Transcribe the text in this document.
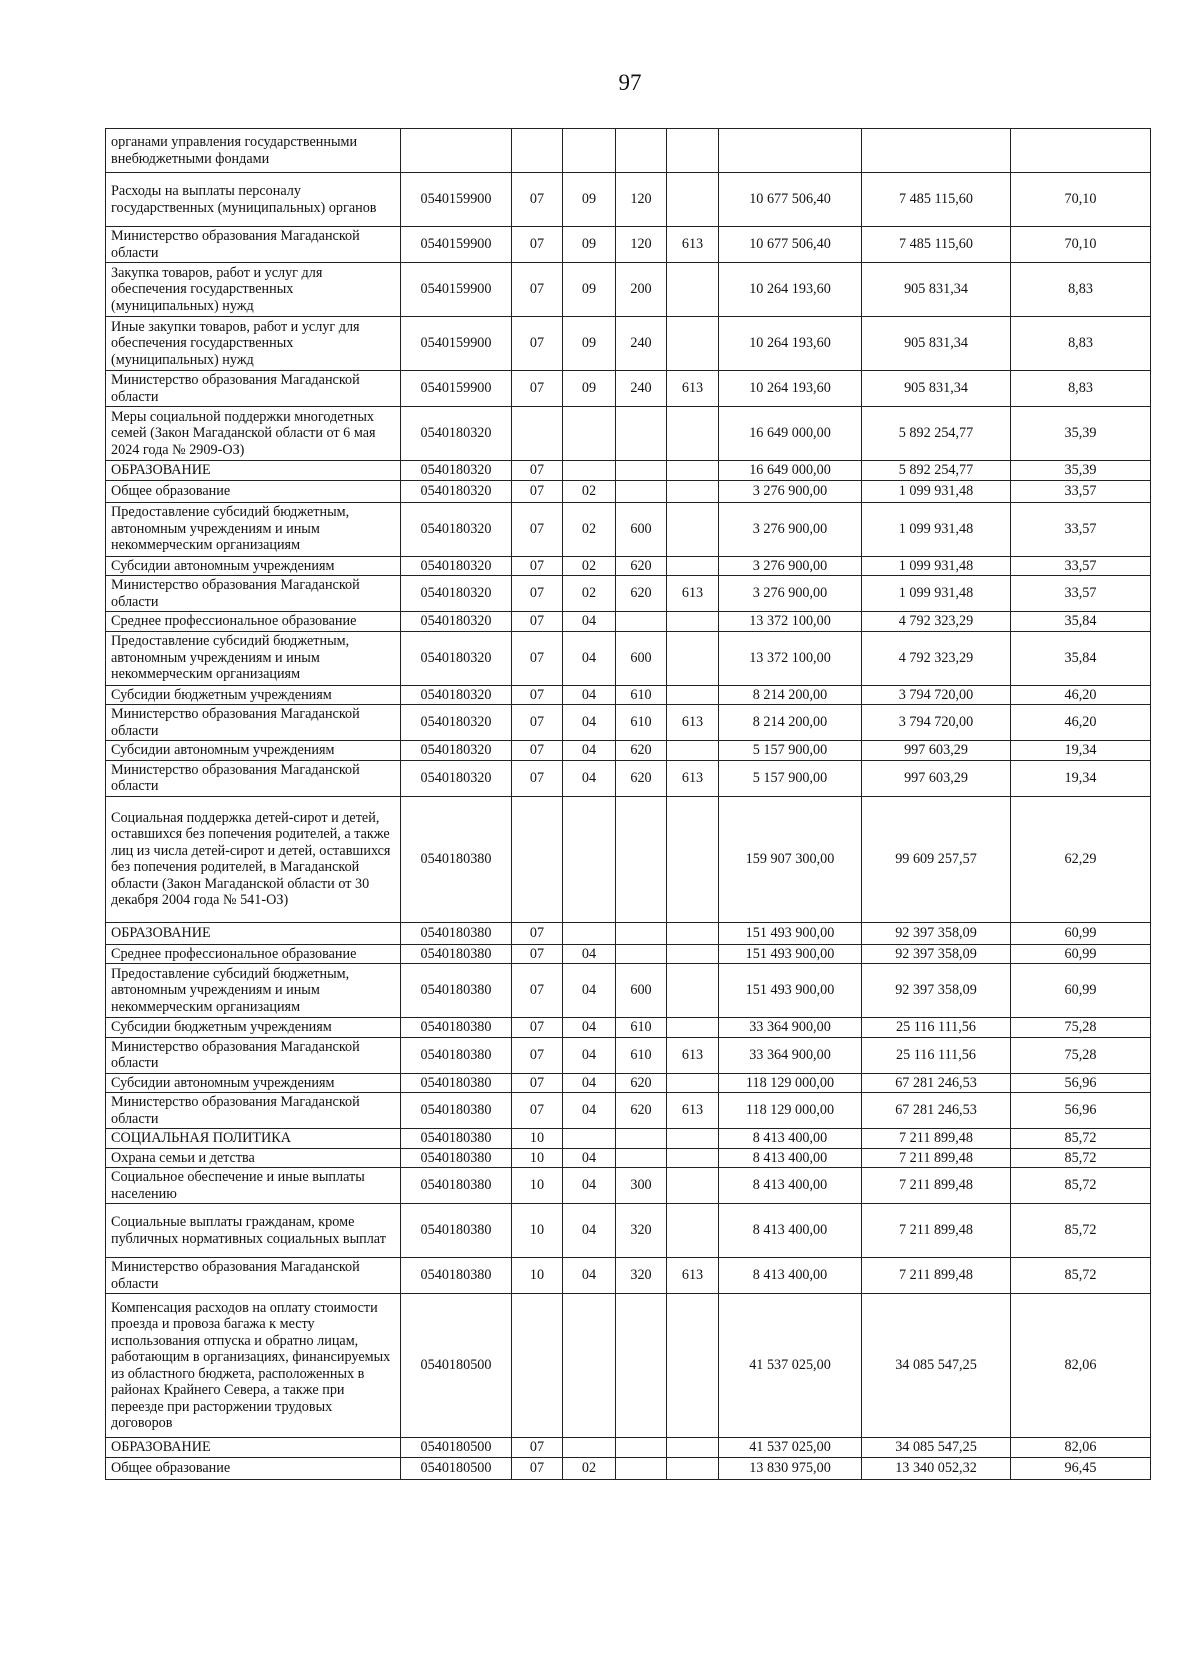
97
органами управления государственными внебюджетными фондами								
Расходы на выплаты персоналу государственных (муниципальных) органов	0540159900	07	09	120		10 677 506,40	7 485 115,60	70,10
Министерство образования Магаданской области	0540159900	07	09	120	613	10 677 506,40	7 485 115,60	70,10
Закупка товаров, работ и услуг для обеспечения государственных (муниципальных) нужд	0540159900	07	09	200		10 264 193,60	905 831,34	8,83
Иные закупки товаров, работ и услуг для обеспечения государственных (муниципальных) нужд	0540159900	07	09	240		10 264 193,60	905 831,34	8,83
Министерство образования Магаданской области	0540159900	07	09	240	613	10 264 193,60	905 831,34	8,83
Меры социальной поддержки многодетных семей (Закон Магаданской области от 6 мая 2024 года № 2909-ОЗ)	0540180320					16 649 000,00	5 892 254,77	35,39
ОБРАЗОВАНИЕ	0540180320	07				16 649 000,00	5 892 254,77	35,39
Общее образование	0540180320	07	02			3 276 900,00	1 099 931,48	33,57
Предоставление субсидий бюджетным, автономным учреждениям и иным некоммерческим организациям	0540180320	07	02	600		3 276 900,00	1 099 931,48	33,57
Субсидии автономным учреждениям	0540180320	07	02	620		3 276 900,00	1 099 931,48	33,57
Министерство образования Магаданской области	0540180320	07	02	620	613	3 276 900,00	1 099 931,48	33,57
Среднее профессиональное образование	0540180320	07	04			13 372 100,00	4 792 323,29	35,84
Предоставление субсидий бюджетным, автономным учреждениям и иным некоммерческим организациям	0540180320	07	04	600		13 372 100,00	4 792 323,29	35,84
Субсидии бюджетным учреждениям	0540180320	07	04	610		8 214 200,00	3 794 720,00	46,20
Министерство образования Магаданской области	0540180320	07	04	610	613	8 214 200,00	3 794 720,00	46,20
Субсидии автономным учреждениям	0540180320	07	04	620		5 157 900,00	997 603,29	19,34
Министерство образования Магаданской области	0540180320	07	04	620	613	5 157 900,00	997 603,29	19,34
Социальная поддержка детей-сирот и детей, оставшихся без попечения родителей, а также лиц из числа детей-сирот и детей, оставшихся без попечения родителей, в Магаданской области (Закон Магаданской области от 30 декабря 2004 года № 541-ОЗ)	0540180380					159 907 300,00	99 609 257,57	62,29
ОБРАЗОВАНИЕ	0540180380	07				151 493 900,00	92 397 358,09	60,99
Среднее профессиональное образование	0540180380	07	04			151 493 900,00	92 397 358,09	60,99
Предоставление субсидий бюджетным, автономным учреждениям и иным некоммерческим организациям	0540180380	07	04	600		151 493 900,00	92 397 358,09	60,99
Субсидии бюджетным учреждениям	0540180380	07	04	610		33 364 900,00	25 116 111,56	75,28
Министерство образования Магаданской области	0540180380	07	04	610	613	33 364 900,00	25 116 111,56	75,28
Субсидии автономным учреждениям	0540180380	07	04	620		118 129 000,00	67 281 246,53	56,96
Министерство образования Магаданской области	0540180380	07	04	620	613	118 129 000,00	67 281 246,53	56,96
СОЦИАЛЬНАЯ ПОЛИТИКА	0540180380	10				8 413 400,00	7 211 899,48	85,72
Охрана семьи и детства	0540180380	10	04			8 413 400,00	7 211 899,48	85,72
Социальное обеспечение и иные выплаты населению	0540180380	10	04	300		8 413 400,00	7 211 899,48	85,72
Социальные выплаты гражданам, кроме публичных нормативных социальных выплат	0540180380	10	04	320		8 413 400,00	7 211 899,48	85,72
Министерство образования Магаданской области	0540180380	10	04	320	613	8 413 400,00	7 211 899,48	85,72
Компенсация расходов на оплату стоимости проезда и провоза багажа к месту использования отпуска и обратно лицам, работающим в организациях, финансируемых из областного бюджета, расположенных в районах Крайнего Севера, а также при переезде при расторжении трудовых договоров	0540180500					41 537 025,00	34 085 547,25	82,06
ОБРАЗОВАНИЕ	0540180500	07				41 537 025,00	34 085 547,25	82,06
Общее образование	0540180500	07	02			13 830 975,00	13 340 052,32	96,45
